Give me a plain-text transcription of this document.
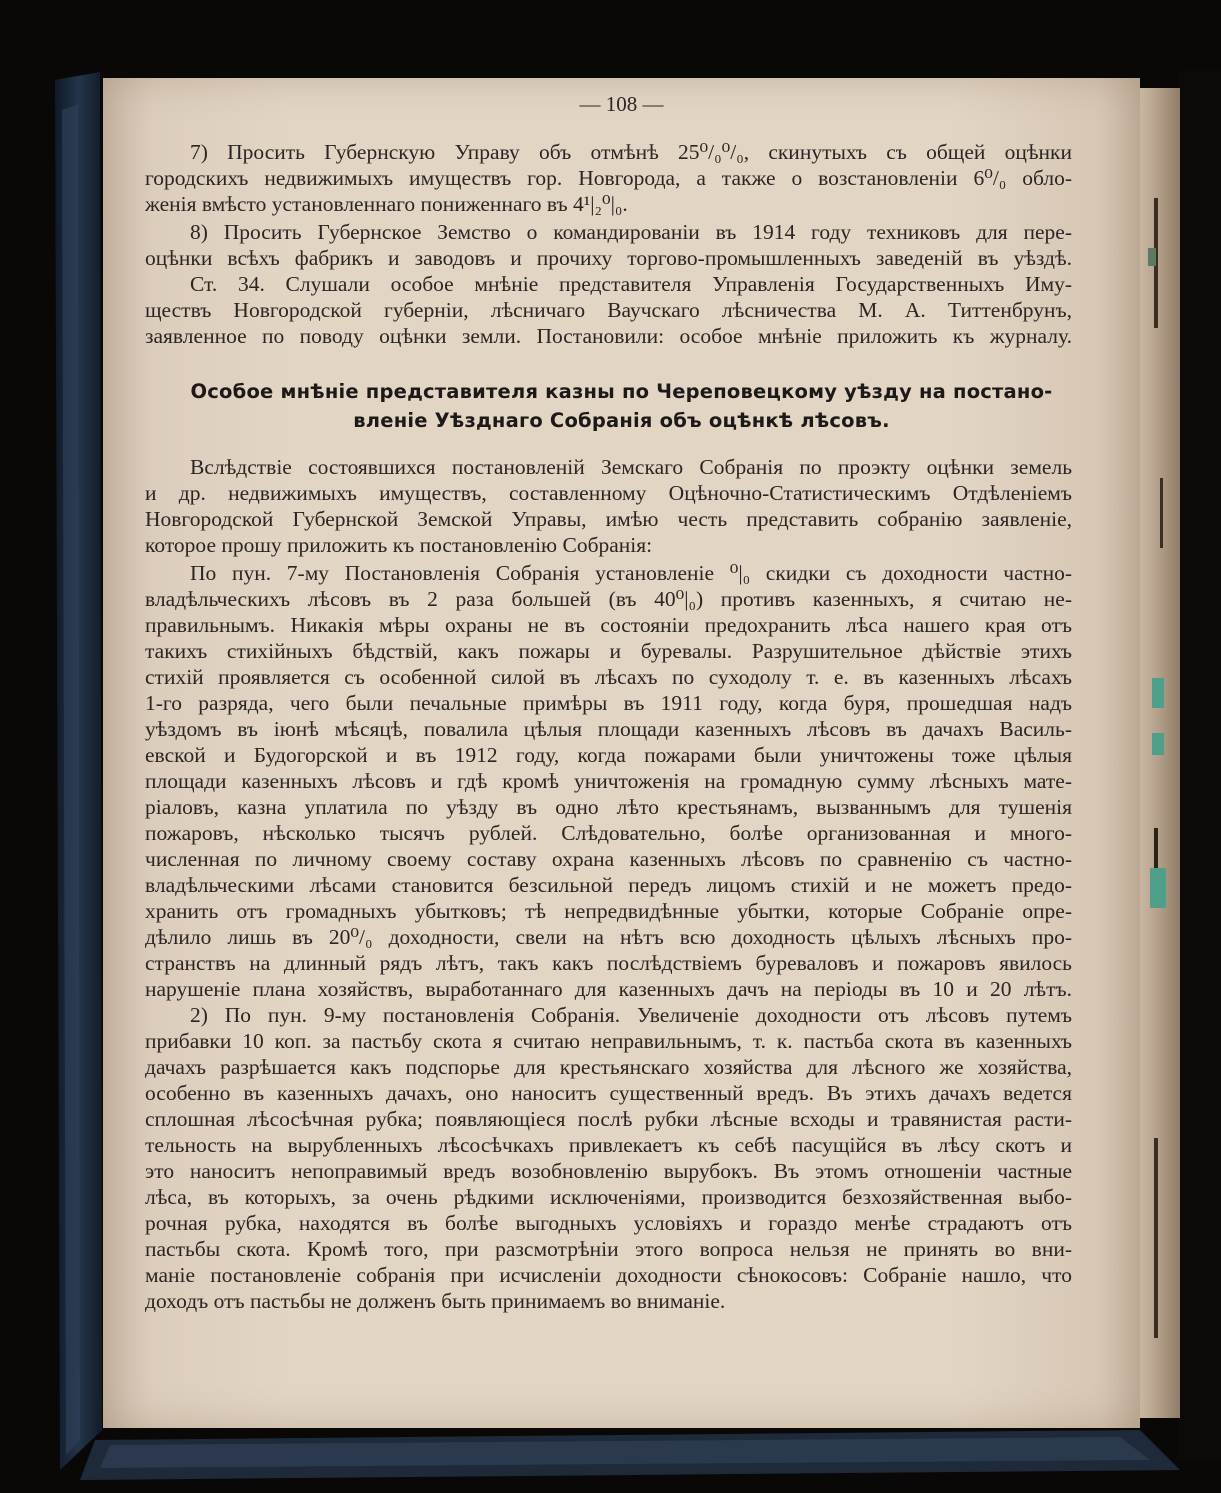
— 108 —
7) Просить Губернскую Управу объ отмѣнѣ 25⁰/₀⁰/₀, скинутыхъ съ общей оцѣнки
городскихъ недвижимыхъ имуществъ гор. Новгорода, а также о возстановленіи 6⁰/₀ обло-
женія вмѣсто установленнаго пониженнаго въ 4¹|₂⁰|₀.
8) Просить Губернское Земство о командированіи въ 1914 году техниковъ для пере-
оцѣнки всѣхъ фабрикъ и заводовъ и прочиху торгово-промышленныхъ заведеній въ уѣздѣ.
Ст. 34. Слушали особое мнѣніе представителя Управленія Государственныхъ Иму-
ществъ Новгородской губерніи, лѣсничаго Ваучскаго лѣсничества М. А. Титтенбрунъ,
заявленное по поводу оцѣнки земли. Постановили: особое мнѣніе приложить къ журналу.
Особое мнѣніе представителя казны по Череповецкому уѣзду на постано-
вленіе Уѣзднаго Собранія объ оцѣнкѣ лѣсовъ.
Вслѣдствіе состоявшихся постановленій Земскаго Собранія по проэкту оцѣнки земель
и др. недвижимыхъ имуществъ, составленному Оцѣночно-Статистическимъ Отдѣленіемъ
Новгородской Губернской Земской Управы, имѣю честь представить собранію заявленіе,
которое прошу приложить къ постановленію Собранія:
По пун. 7-му Постановленія Собранія установленіе ⁰|₀ скидки съ доходности частно-
владѣльческихъ лѣсовъ въ 2 раза большей (въ 40⁰|₀) противъ казенныхъ, я считаю не-
правильнымъ. Никакія мѣры охраны не въ состояніи предохранить лѣса нашего края отъ
такихъ стихійныхъ бѣдствій, какъ пожары и буревалы. Разрушительное дѣйствіе этихъ
стихій проявляется съ особенной силой въ лѣсахъ по суходолу т. е. въ казенныхъ лѣсахъ
1-го разряда, чего были печальные примѣры въ 1911 году, когда буря, прошедшая надъ
уѣздомъ въ іюнѣ мѣсяцѣ, повалила цѣлыя площади казенныхъ лѣсовъ въ дачахъ Василь-
евской и Будогорской и въ 1912 году, когда пожарами были уничтожены тоже цѣлыя
площади казенныхъ лѣсовъ и гдѣ кромѣ уничтоженія на громадную сумму лѣсныхъ мате-
ріаловъ, казна уплатила по уѣзду въ одно лѣто крестьянамъ, вызваннымъ для тушенія
пожаровъ, нѣсколько тысячъ рублей. Слѣдовательно, болѣе организованная и много-
численная по личному своему составу охрана казенныхъ лѣсовъ по сравненію съ частно-
владѣльческими лѣсами становится безсильной передъ лицомъ стихій и не можетъ предо-
хранить отъ громадныхъ убытковъ; тѣ непредвидѣнные убытки, которые Собраніе опре-
дѣлило лишь въ 20⁰/₀ доходности, свели на нѣтъ всю доходность цѣлыхъ лѣсныхъ про-
странствъ на длинный рядъ лѣтъ, такъ какъ послѣдствіемъ буреваловъ и пожаровъ явилось
нарушеніе плана хозяйствъ, выработаннаго для казенныхъ дачъ на періоды въ 10 и 20 лѣтъ.
2) По пун. 9-му постановленія Собранія. Увеличеніе доходности отъ лѣсовъ путемъ
прибавки 10 коп. за пастьбу скота я считаю неправильнымъ, т. к. пастьба скота въ казенныхъ
дачахъ разрѣшается какъ подспорье для крестьянскаго хозяйства для лѣсного же хозяйства,
особенно въ казенныхъ дачахъ, оно наноситъ существенный вредъ. Въ этихъ дачахъ ведется
сплошная лѣсосѣчная рубка; появляющіеся послѣ рубки лѣсные всходы и травянистая расти-
тельность на вырубленныхъ лѣсосѣчкахъ привлекаетъ къ себѣ пасущійся въ лѣсу скотъ и
это наноситъ непоправимый вредъ возобновленію вырубокъ. Въ этомъ отношеніи частные
лѣса, въ которыхъ, за очень рѣдкими исключеніями, производится безхозяйственная выбо-
рочная рубка, находятся въ болѣе выгодныхъ условіяхъ и гораздо менѣе страдаютъ отъ
пастьбы скота. Кромѣ того, при разсмотрѣніи этого вопроса нельзя не принять во вни-
маніе постановленіе собранія при исчисленіи доходности сѣнокосовъ: Собраніе нашло, что
доходъ отъ пастьбы не долженъ быть принимаемъ во вниманіе.
